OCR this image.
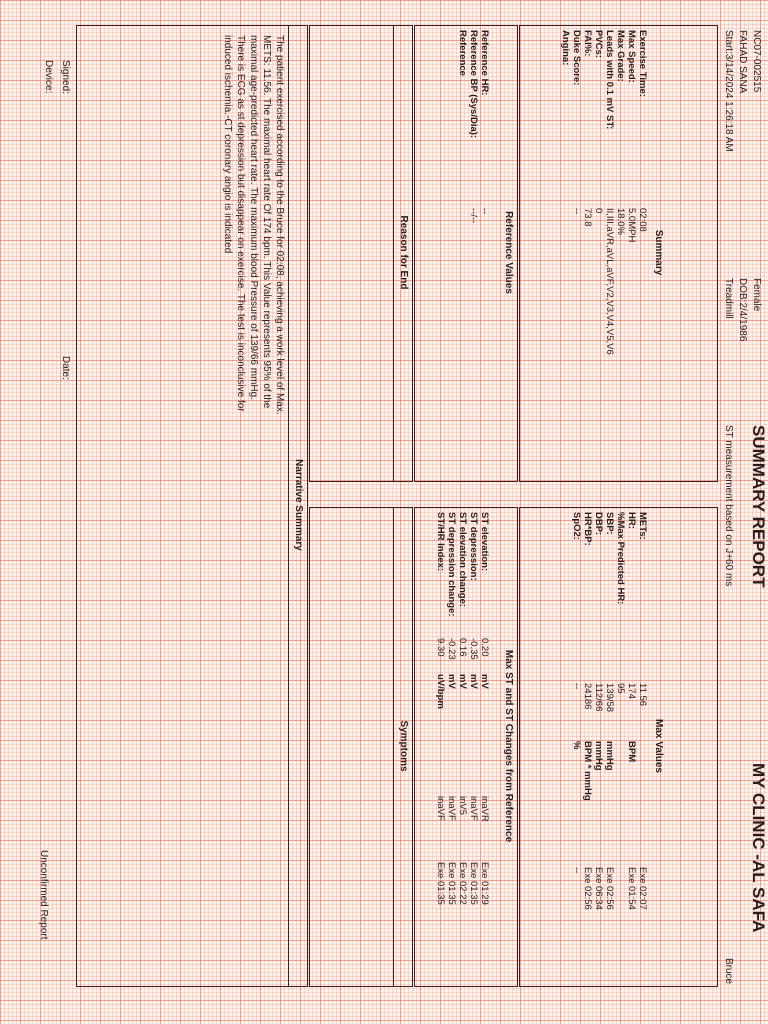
NC07-002515
FAHAD SANA
Start:3/14/2024 1:26:18 AM
Female
DOB:2/4/1986
Treadmill
SUMMARY REPORT
ST measurement based on J+60 ms
MY CLINIC -AL SAFA
Bruce
Summary
Exercise Time:	02:08
Max Speed:	5.0MPH
Max Grade:	18.0%
Leads with 0.1 mV ST:	II,III,aVR,aVL,aVF,V2,V3,V4,V5,V6
PVCs:	0
FAI%:	73.8
Duke Score:	--
Angina:	
Max Values
METs:	11.56		Exe 02:07
HR:	174	BPM	Exe 01:54
%Max Predicted HR:	95		
SBP:	139/58	mmHg	Exe 02:56
DBP:	112/66	mmHg	Exe 06:34
HR*BP:	24186	BPM * mmHg	Exe 02:56
SpO2:	--	%	--
Reference Values
Reference HR:	--
Reference BP (Sys/Dia):	--/--
Reference	
Max ST and ST Changes from Reference
ST elevation:	0.20	mV	inaVR	Exe 01:29
ST depression:	-0.35	mV	inaVF	Exe 01:35
ST elevation change:	0.16	mV	inV5	Exe 02:22
ST depression change:	-0.23	mV	inaVF	Exe 01:35
ST/HR Index:	9.30	uV/bpm	inaVF	Exe 01:35
Reason for End
Symptoms
Narrative Summary
The patient exercised according to the Bruce for 02:08, achieving a work level of Max.
METS: 11.56. The maximal heart rate Of 174 bpm. This Value represents 95% of the
maximal age-predicted heart rate. The maximum blood Pressure of 139/66 mmHg.
There is ECG as st depression but disappear on exercise. The test is inconclusive for
induced ischemia.-CT coronary angio is indicated
Signed:
Date:
Device:
Unconfirmed Report
